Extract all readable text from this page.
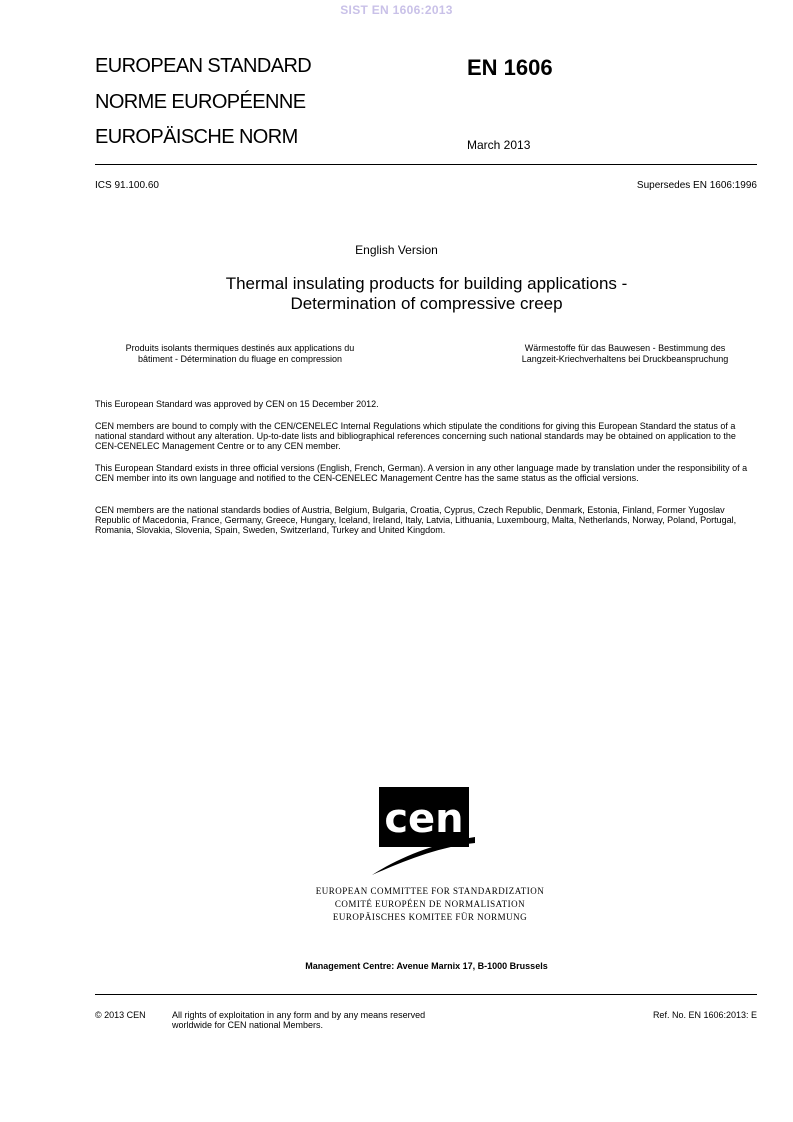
SIST EN 1606:2013
EUROPEAN STANDARD
NORME EUROPÉENNE
EUROPÄISCHE NORM
EN 1606
March 2013
ICS 91.100.60	Supersedes EN 1606:1996
English Version
Thermal insulating products for building applications -
Determination of compressive creep
Produits isolants thermiques destinés aux applications du
bâtiment - Détermination du fluage en compression
Wärmestoffe für das Bauwesen - Bestimmung des
Langzeit-Kriechverhaltens bei Druckbeanspruchung
This European Standard was approved by CEN on 15 December 2012.
CEN members are bound to comply with the CEN/CENELEC Internal Regulations which stipulate the conditions for giving this European Standard the status of a national standard without any alteration. Up-to-date lists and bibliographical references concerning such national standards may be obtained on application to the CEN-CENELEC Management Centre or to any CEN member.
This European Standard exists in three official versions (English, French, German). A version in any other language made by translation under the responsibility of a CEN member into its own language and notified to the CEN-CENELEC Management Centre has the same status as the official versions.
CEN members are the national standards bodies of Austria, Belgium, Bulgaria, Croatia, Cyprus, Czech Republic, Denmark, Estonia, Finland, Former Yugoslav Republic of Macedonia, France, Germany, Greece, Hungary, Iceland, Ireland, Italy, Latvia, Lithuania, Luxembourg, Malta, Netherlands, Norway, Poland, Portugal, Romania, Slovakia, Slovenia, Spain, Sweden, Switzerland, Turkey and United Kingdom.
cen
EUROPEAN COMMITTEE FOR STANDARDIZATION
COMITÉ EUROPÉEN DE NORMALISATION
EUROPÄISCHES KOMITEE FÜR NORMUNG
Management Centre: Avenue Marnix 17, B-1000 Brussels
© 2013 CEN	All rights of exploitation in any form and by any means reserved
worldwide for CEN national Members.
Ref. No. EN 1606:2013: E
